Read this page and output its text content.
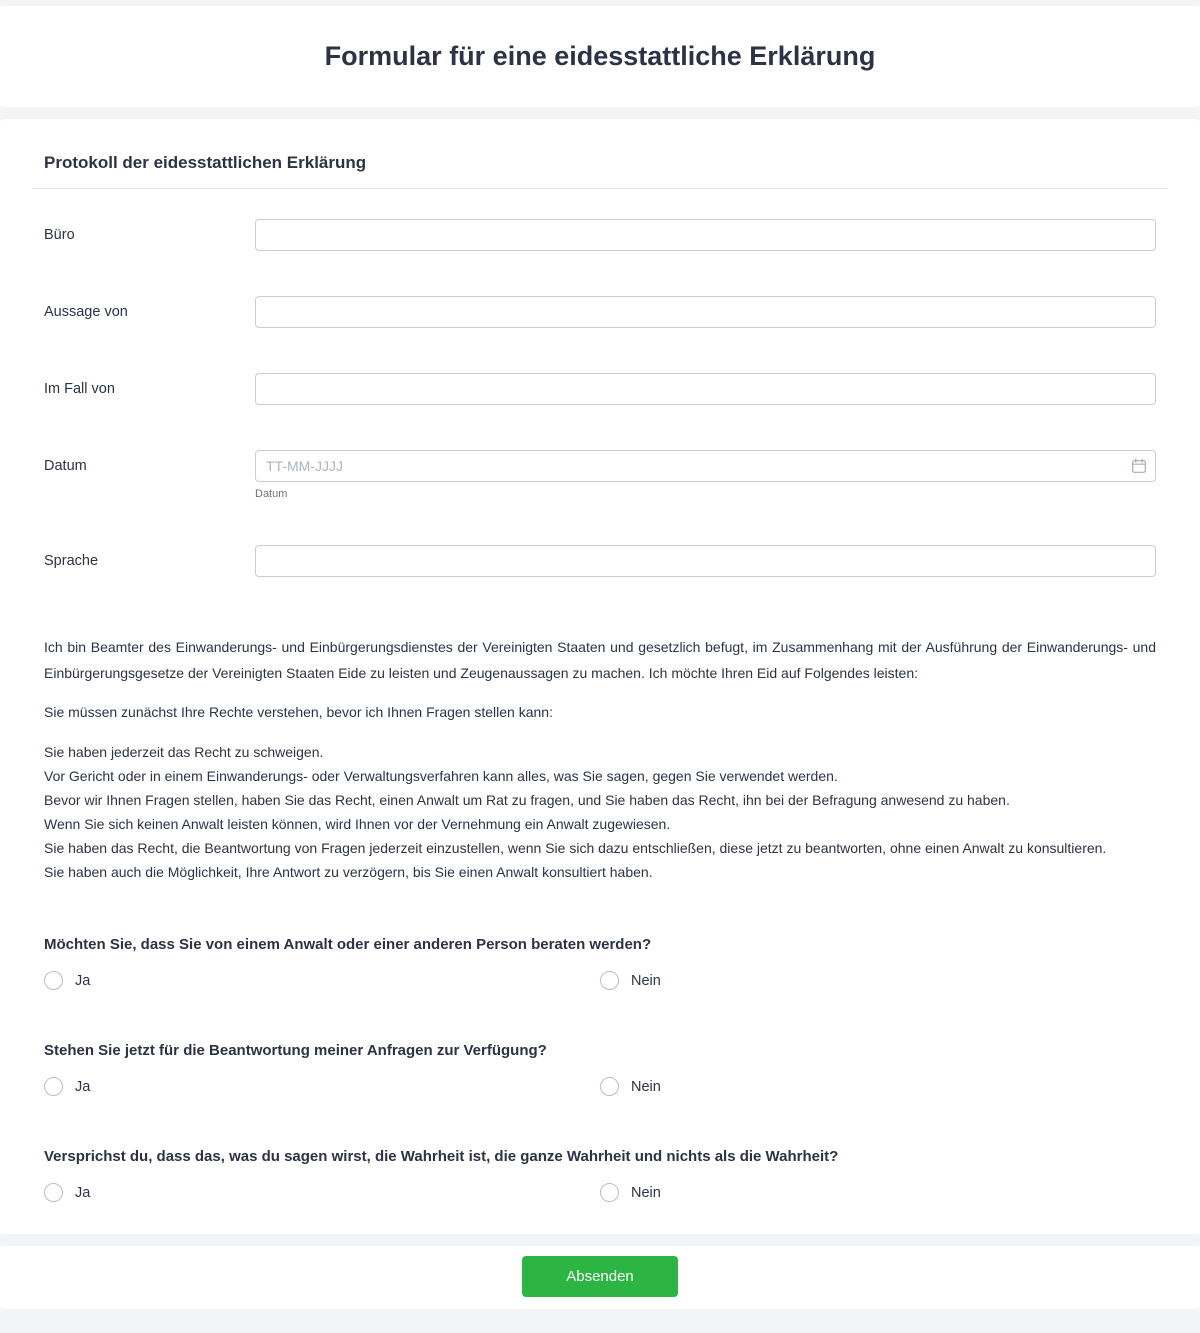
Formular für eine eidesstattliche Erklärung
Protokoll der eidesstattlichen Erklärung
Büro
Aussage von
Im Fall von
Datum
TT-MM-JJJJ
Datum
Sprache

Ich bin Beamter des Einwanderungs- und Einbürgerungsdienstes der Vereinigten Staaten und gesetzlich befugt, im Zusammenhang mit der Ausführung der Einwanderungs- und Einbürgerungsgesetze der Vereinigten Staaten Eide zu leisten und Zeugenaussagen zu machen. Ich möchte Ihren Eid auf Folgendes leisten:

Sie müssen zunächst Ihre Rechte verstehen, bevor ich Ihnen Fragen stellen kann:

Sie haben jederzeit das Recht zu schweigen.
Vor Gericht oder in einem Einwanderungs- oder Verwaltungsverfahren kann alles, was Sie sagen, gegen Sie verwendet werden.
Bevor wir Ihnen Fragen stellen, haben Sie das Recht, einen Anwalt um Rat zu fragen, und Sie haben das Recht, ihn bei der Befragung anwesend zu haben.
Wenn Sie sich keinen Anwalt leisten können, wird Ihnen vor der Vernehmung ein Anwalt zugewiesen.
Sie haben das Recht, die Beantwortung von Fragen jederzeit einzustellen, wenn Sie sich dazu entschließen, diese jetzt zu beantworten, ohne einen Anwalt zu konsultieren.
Sie haben auch die Möglichkeit, Ihre Antwort zu verzögern, bis Sie einen Anwalt konsultiert haben.

Möchten Sie, dass Sie von einem Anwalt oder einer anderen Person beraten werden?
Ja	Nein
Stehen Sie jetzt für die Beantwortung meiner Anfragen zur Verfügung?
Ja	Nein
Versprichst du, dass das, was du sagen wirst, die Wahrheit ist, die ganze Wahrheit und nichts als die Wahrheit?
Ja	Nein
Absenden
